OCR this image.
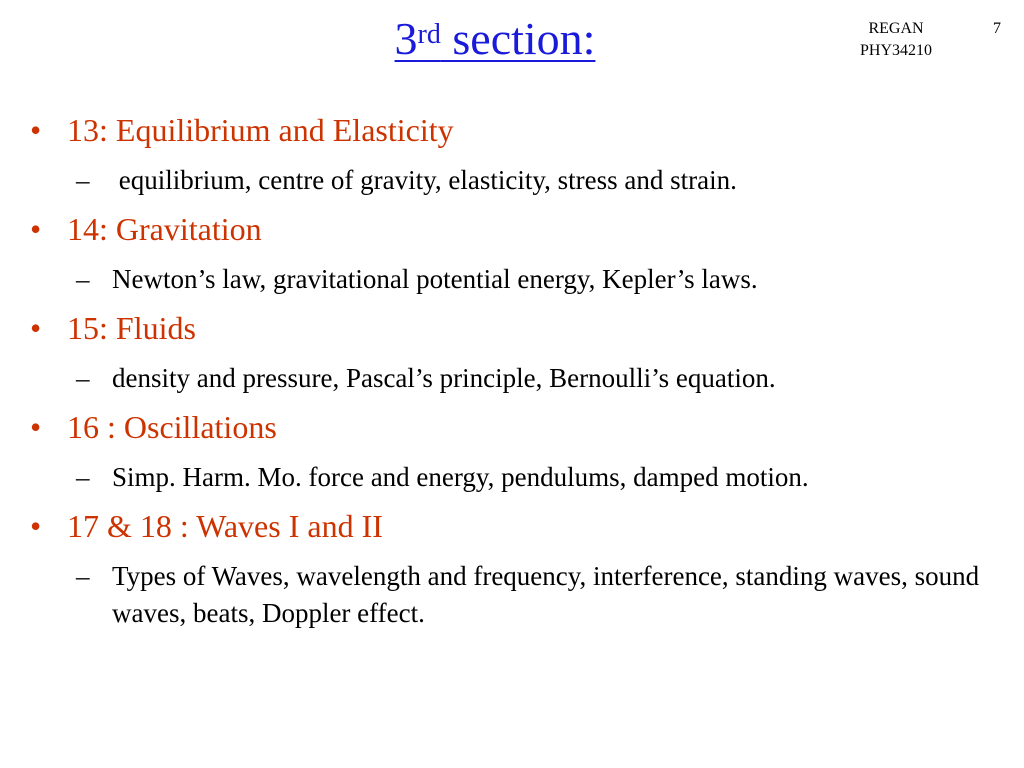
3rd section:	REGAN
PHY34210
7
• 13: Equilibrium and Elasticity
– equilibrium, centre of gravity, elasticity, stress and strain.
• 14: Gravitation
– Newton’s law, gravitational potential energy, Kepler’s laws.
• 15: Fluids
– density and pressure, Pascal’s principle, Bernoulli’s equation.
• 16 : Oscillations
– Simp. Harm. Mo. force and energy, pendulums, damped motion.
• 17 & 18 : Waves I and II
– Types of Waves, wavelength and frequency, interference, standing waves, sound waves, beats, Doppler effect.
